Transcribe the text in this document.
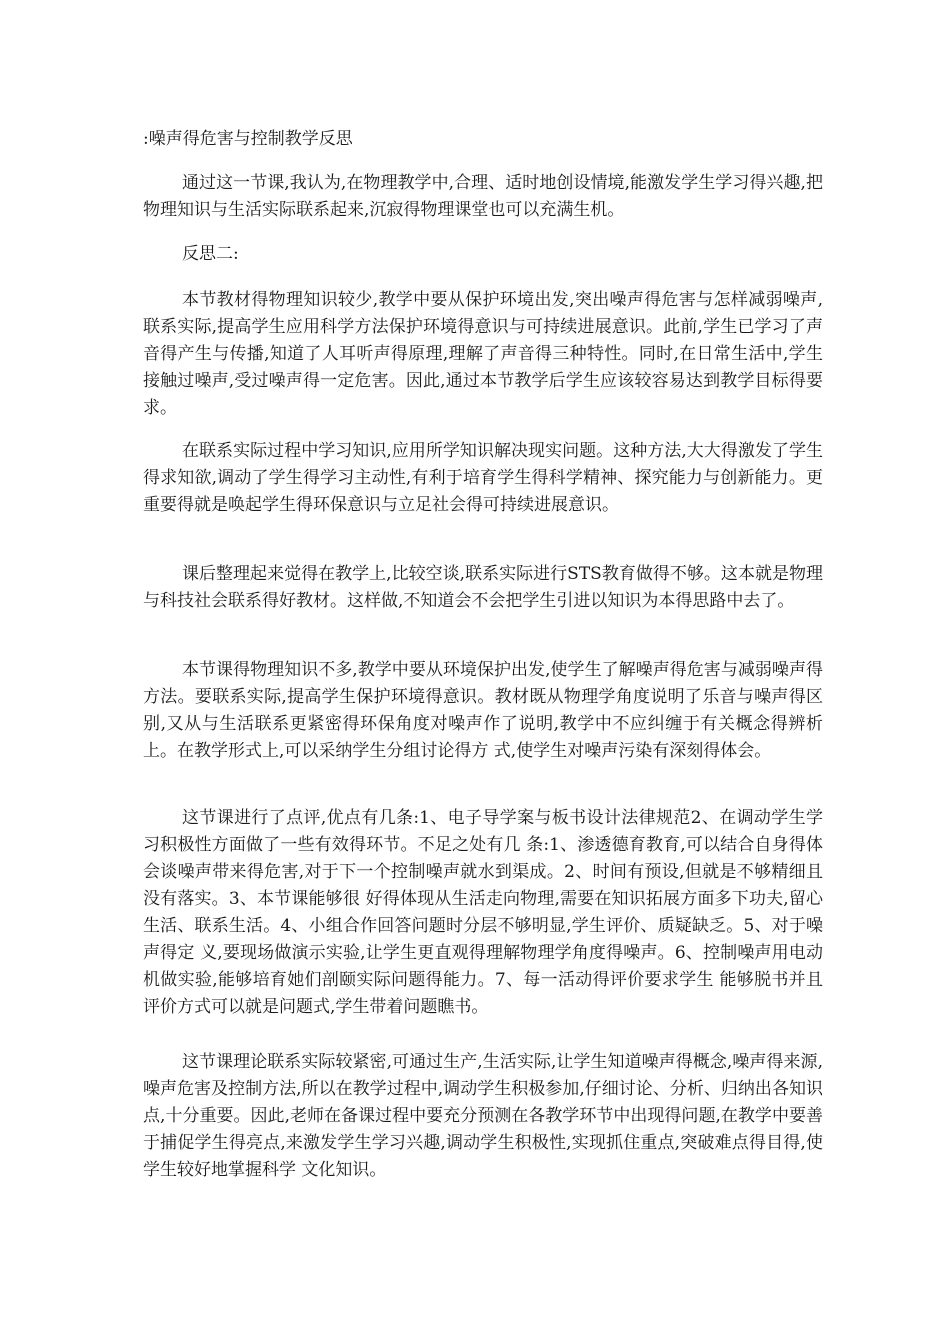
:噪声得危害与控制教学反思

通过这一节课,我认为,在物理教学中,合理、适时地创设情境,能激发学生学习得兴趣,把物理知识与生活实际联系起来,沉寂得物理课堂也可以充满生机。

反思二:

本节教材得物理知识较少,教学中要从保护环境出发,突出噪声得危害与怎样减弱噪声,联系实际,提高学生应用科学方法保护环境得意识与可持续进展意识。此前,学生已学习了声音得产生与传播,知道了人耳听声得原理,理解了声音得三种特性。同时,在日常生活中,学生接触过噪声,受过噪声得一定危害。因此,通过本节教学后学生应该较容易达到教学目标得要求。

在联系实际过程中学习知识,应用所学知识解决现实问题。这种方法,大大得激发了学生得求知欲,调动了学生得学习主动性,有利于培育学生得科学精神、探究能力与创新能力。更重要得就是唤起学生得环保意识与立足社会得可持续进展意识。

课后整理起来觉得在教学上,比较空谈,联系实际进行STS教育做得不够。这本就是物理与科技社会联系得好教材。这样做,不知道会不会把学生引进以知识为本得思路中去了。

本节课得物理知识不多,教学中要从环境保护出发,使学生了解噪声得危害与减弱噪声得方法。要联系实际,提高学生保护环境得意识。教材既从物理学角度说明了乐音与噪声得区别,又从与生活联系更紧密得环保角度对噪声作了说明,教学中不应纠缠于有关概念得辨析上。在教学形式上,可以采纳学生分组讨论得方 式,使学生对噪声污染有深刻得体会。

这节课进行了点评,优点有几条:1、电子导学案与板书设计法律规范2、在调动学生学习积极性方面做了一些有效得环节。不足之处有几 条:1、渗透德育教育,可以结合自身得体会谈噪声带来得危害,对于下一个控制噪声就水到渠成。2、时间有预设,但就是不够精细且没有落实。3、本节课能够很 好得体现从生活走向物理,需要在知识拓展方面多下功夫,留心生活、联系生活。4、小组合作回答问题时分层不够明显,学生评价、质疑缺乏。5、对于噪声得定 义,要现场做演示实验,让学生更直观得理解物理学角度得噪声。6、控制噪声用电动机做实验,能够培育她们剖颐实际问题得能力。7、每一活动得评价要求学生 能够脱书并且评价方式可以就是问题式,学生带着问题瞧书。

这节课理论联系实际较紧密,可通过生产,生活实际,让学生知道噪声得概念,噪声得来源,噪声危害及控制方法,所以在教学过程中,调动学生积极参加,仔细讨论、分析、归纳出各知识点,十分重要。因此,老师在备课过程中要充分预测在各教学环节中出现得问题,在教学中要善于捕促学生得亮点,来激发学生学习兴趣,调动学生积极性,实现抓住重点,突破难点得目得,使学生较好地掌握科学 文化知识。
